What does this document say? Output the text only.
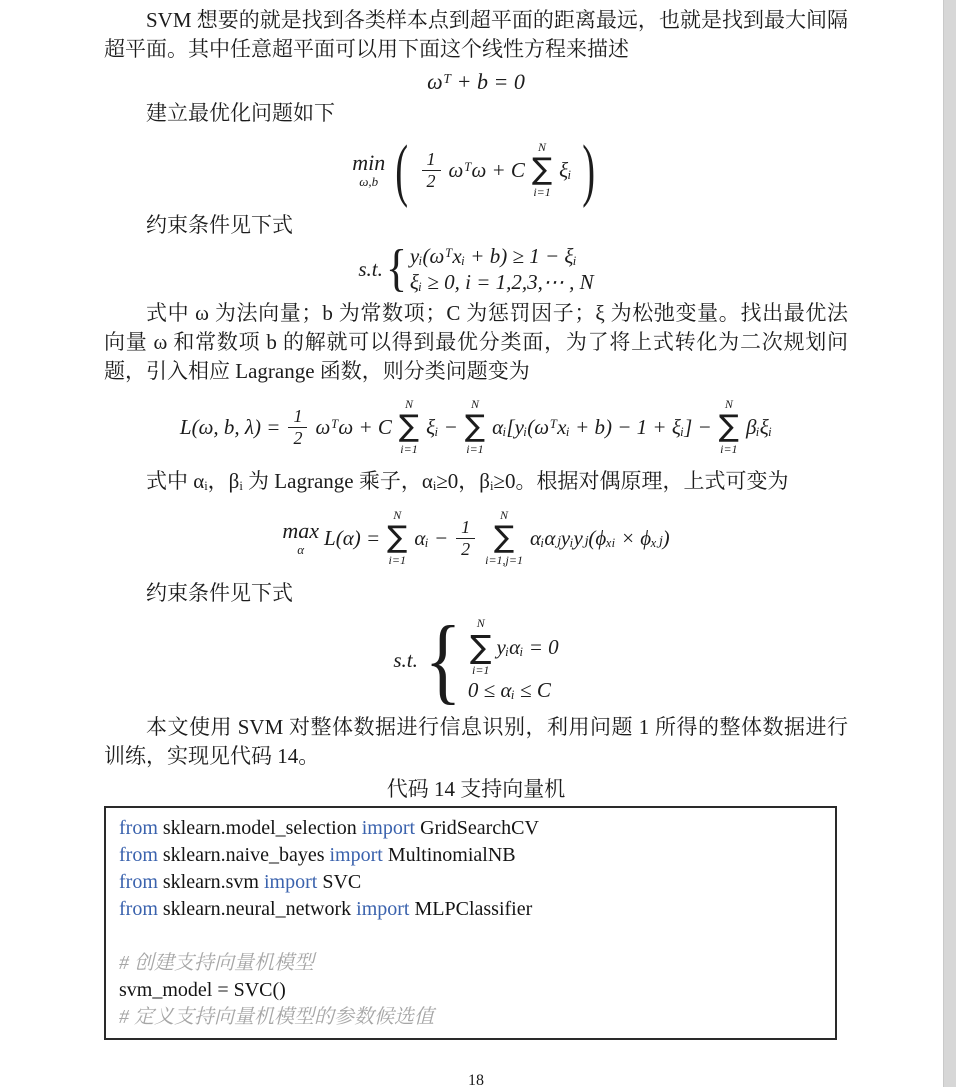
SVM 想要的就是找到各类样本点到超平面的距离最远，也就是找到最大间隔超平面。其中任意超平面可以用下面这个线性方程来描述

ωᵀ + b = 0

建立最优化问题如下

min
ω,b ( $\frac{1}{2}$ ωᵀω + C
N
∑
i=1
ξᵢ )

约束条件见下式

s.t. { yᵢ(ωᵀxᵢ + b) ≥ 1 − ξᵢ
ξᵢ ≥ 0, i = 1,2,3,⋯ , N

式中 ω 为法向量；b 为常数项；C 为惩罚因子；ξ 为松弛变量。找出最优法向量 ω 和常数项 b 的解就可以得到最优分类面，为了将上式转化为二次规划问题，引入相应 Lagrange 函数，则分类问题变为

L(ω, b, $\lambda) = \frac{1}{2}$ ωᵀω + C
N
∑
i=1
ξᵢ −
N
∑
i=1
αᵢ[yᵢ(ωᵀxᵢ + b) − 1 + ξᵢ] −
N
∑
i=1
βᵢξᵢ

式中 αᵢ，βᵢ 为 Lagrange 乘子，αᵢ≥0，βᵢ≥0。根据对偶原理，上式可变为

max
α L(α) =
N
∑
i=1
αᵢ − $\frac{1}{2}$
N
∑
i=1,j=1
αᵢαⱼyᵢyⱼ(ϕₓᵢ × ϕₓⱼ)

约束条件见下式

s.t. { N
∑
i=1
yᵢαᵢ = 0
0 ≤ αᵢ ≤ C

本文使用 SVM 对整体数据进行信息识别，利用问题 1 所得的整体数据进行训练，实现见代码 14。

代码 14 支持向量机
from sklearn.model_selection import GridSearchCV
from sklearn.naive_bayes import MultinomialNB
from sklearn.svm import SVC
from sklearn.neural_network import MLPClassifier
# 创建支持向量机模型
svm_model = SVC()
# 定义支持向量机模型的参数候选值
18
